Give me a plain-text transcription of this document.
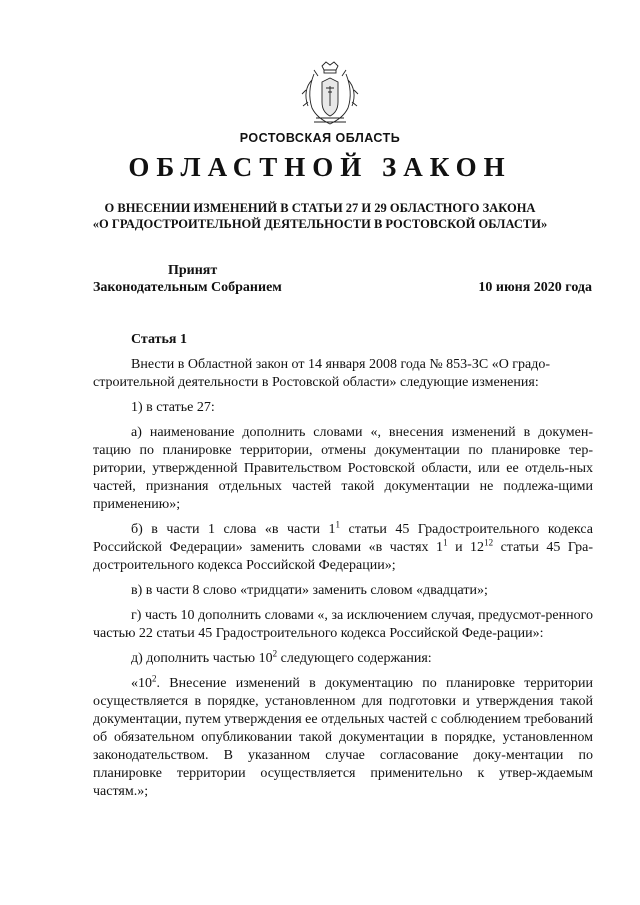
РОСТОВСКАЯ ОБЛАСТЬ
ОБЛАСТНОЙ ЗАКОН
О ВНЕСЕНИИ ИЗМЕНЕНИЙ В СТАТЬИ 27 И 29 ОБЛАСТНОГО ЗАКОНА
«О ГРАДОСТРОИТЕЛЬНОЙ ДЕЯТЕЛЬНОСТИ В РОСТОВСКОЙ ОБЛАСТИ»
Принят
Законодательным Собранием	10 июня 2020 года
Статья 1

Внести в Областной закон от 14 января 2008 года № 853-ЗС «О градо-
строительной деятельности в Ростовской области» следующие изменения:

1) в статье 27:

а) наименование дополнить словами «, внесения изменений в докумен-тацию по планировке территории, отмены документации по планировке тер-ритории, утвержденной Правительством Ростовской области, или ее отдель-ных частей, признания отдельных частей такой документации не подлежа-щими применению»;

б) в части 1 слова «в части $1^1$ статьи 45 Градостроительного кодекса Российской Федерации» заменить словами «в частях $1^1$ и $12^{12}$ статьи 45 Гра-достроительного кодекса Российской Федерации»;

в) в части 8 слово «тридцати» заменить словом «двадцати»;

г) часть 10 дополнить словами «, за исключением случая, предусмот-ренного частью 22 статьи 45 Градостроительного кодекса Российской Феде-рации»:

д) дополнить частью $10^2$ следующего содержания:

«$10^2$. Внесение изменений в документацию по планировке территории осуществляется в порядке, установленном для подготовки и утверждения такой документации, путем утверждения ее отдельных частей с соблюдением требований об обязательном опубликовании такой документации в порядке, установленном законодательством. В указанном случае согласование доку-ментации по планировке территории осуществляется применительно к утвер-ждаемым частям.»;
